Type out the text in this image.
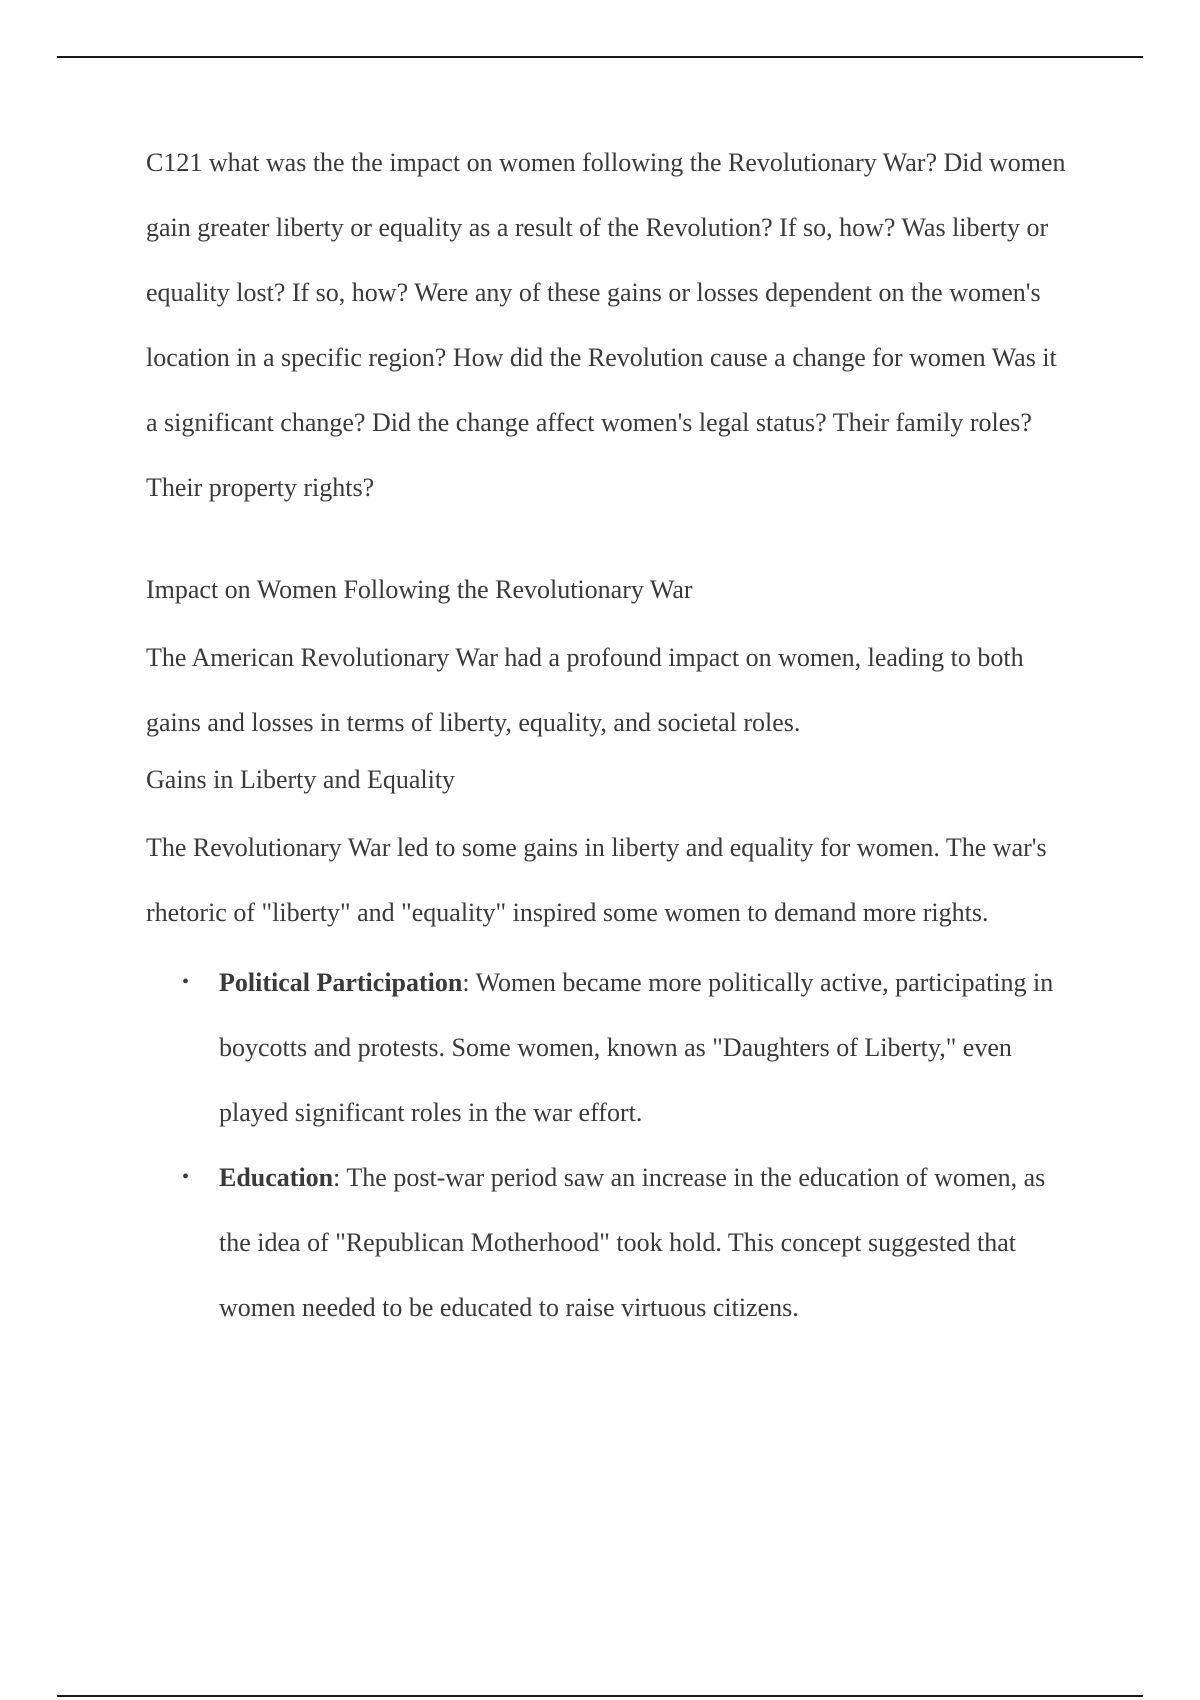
C121 what was the the impact on women following the Revolutionary War? Did women gain greater liberty or equality as a result of the Revolution? If so, how? Was liberty or equality lost? If so, how? Were any of these gains or losses dependent on the women's location in a specific region? How did the Revolution cause a change for women Was it a significant change? Did the change affect women's legal status? Their family roles? Their property rights?

Impact on Women Following the Revolutionary War

The American Revolutionary War had a profound impact on women, leading to both gains and losses in terms of liberty, equality, and societal roles.

Gains in Liberty and Equality

The Revolutionary War led to some gains in liberty and equality for women. The war's rhetoric of "liberty" and "equality" inspired some women to demand more rights.

• Political Participation: Women became more politically active, participating in boycotts and protests. Some women, known as "Daughters of Liberty," even played significant roles in the war effort.
• Education: The post-war period saw an increase in the education of women, as the idea of "Republican Motherhood" took hold. This concept suggested that women needed to be educated to raise virtuous citizens.
